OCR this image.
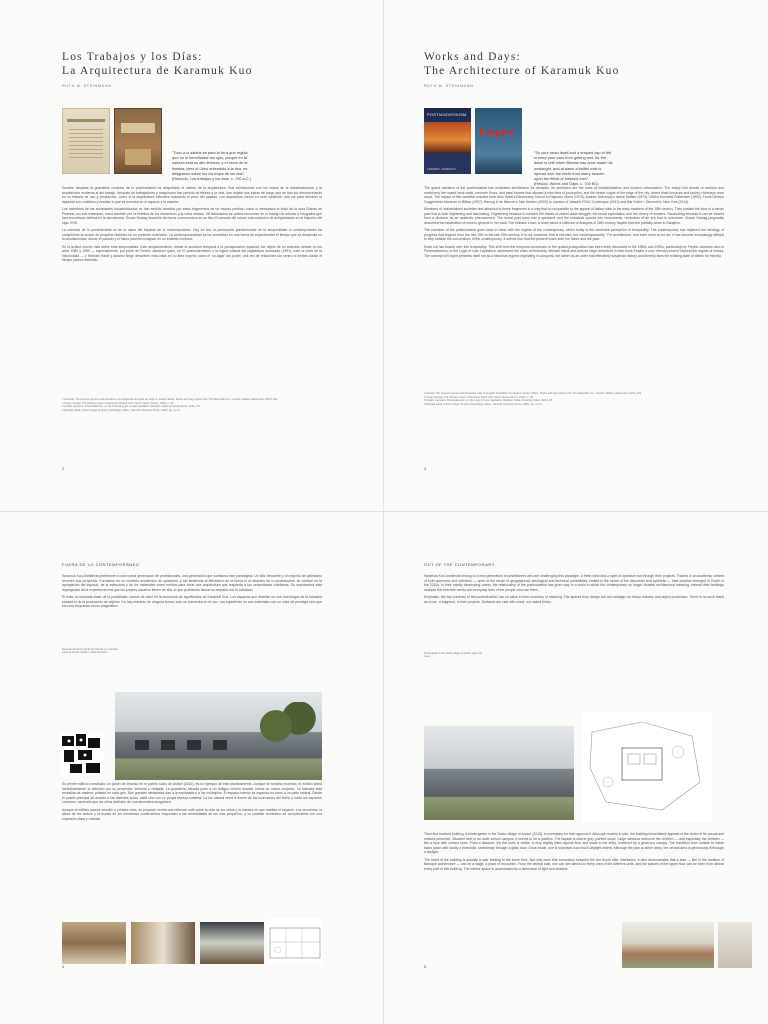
Los Trabajos y los Días:
La Arquitectura de Karamuk Kuo
RUTH M. STEINMANN
"Todo a lo sabios es para la fin a que regida que no le beneficiase los ojos, porque en la cabeza está su alto firmeza, y el necio de la tiniebla; pero el Libro entendido a la risa, es desgranos sobre los los trajos de los dos".
(Hesíodo, Los trabajos y los días, c. 700 a.C.)

Durante décadas la gramática concreta de lo postindustrial ha despertado el interés de la arquitectura. Sus exhibiciones con los restos de la industrialización y la arquitectura moderna al del trabajo, después de trabajadores y maquinaria han perdido la belleza y la vida, han dejado sus trazas de fuego que se han ido desmoronando en su historia de uso y producción, como si la arquitectura estuviera buscando el peso del pasado. Los arquitectos vieron en esta condición una vía para devolver la dignidad a lo cotidiano y resaltar lo que es esencial en el espacio y la materia.

Los miembros de las sociedades industrializadas se han sentido atraídos por estos fragmentos de un mundo perdido, como lo demuestra el éxito de la obra Ruinas de Piranesi con sus estampas, como también por la estética de los escombros y la ruina urbana. Tal fascinación se podría reconocer en el trabajo de artistas y fotógrafos que han encontrado belleza en la decadencia. Susan Sontag describió de forma conmovedora en su libro El amante del volcán una colección de antigüedades en el Nápoles del siglo XVIII.

La carencia de lo postindustrial va de la mano del impacto de lo contemporáneo. Hoy en día, la percepción predominante de la temporalidad lo contemporáneo ha comprimido la noción de progreso histórico en un presente extendido. La contemporaneidad se ha convertido en una forma de experimentar el tiempo que se desarrolla en la simultaneidad, donde el pasado y el futuro parecen colapsar en un instante continuo.

En la actitud mucho más sobre esta temporalidad. Este desplazamiento, desde la sucesión temporal a la yuxtaposición espacial, fue objeto de un animado debate en los años 1980 y 1990 — especialmente, por parte de Fredric Jameson quien, en El posmodernismo o la lógica cultural del capitalismo avanzado (1991), trató la crisis de la historicidad — y Michael Hardt y Antonio Negri describen esta crisis en su libro Imperio como el 'no-lugar' del poder, una red de relaciones sin centro ni límites donde el tiempo parece detenido.

1 Hesíodo, The Homeric Hymns and Homerica, con traducción al inglés de Hugh G. Evelyn-White, Works and Days (New York: The Macmillan Co.; London: William Heinemann 1914), 201.
2 Susan Sontag, The Volcano Lover, A Romance (Nueva York: Farrar Straus Giroux, 1992), p. 69.
3 Fredric Jameson, Postmodernism, or, the Cultural Logic of Late Capitalism (Durham: Duke University Press, 1991), 26.
4 Michael Hardt, Antonio Negri, Empire (Cambridge, Mass.: Harvard University Press, 2000), pp. xiv-xv.
2
Works and Days:
The Architecture of Karamuk Kuo
RUTH M. STEINMANN
POSTMODERNISM
FREDRIC JAMESON
Empire
"So your head dwell and a shaped cap of felt to keep your ears from getting wet, for the dawn is chill when Boreas has once made his onslaught, and at dawn a fruitful mist is spread over the earth from starry heaven upon the fields of blessed men".
(Hesiod, Works and Days, c. 700 BC)

The grand narrative of the postindustrial has motivated architecture for decades. Its ambitions are the ruins of industrialization and modern urbanization. The empty hull devoid of workers and machinery, the naked brick walls, concrete floors, and steel beams that allowed a new idea of production, and the innate vogue of the edge of the city, where blast furnaces and factory chimneys once stood. The impact of this narrative reaches from Aldo Rossi's Elementary School in Fagnano Olona (1976), Andrea Tarkovsky's movie Stalker (1979), OMA's Kunsthal Rotterdam (1992), Frank Gehry's Guggenheim Museum in Bilbao (1997), Herzog & de Meuron's Tate Modern (2000) to Lacaton & Vassal's FRAC Dunkerque (2013) and Bar Sollin + Zimmerli in New York (2014).

Members of industrialized societies feel attracted to these fragments in a way that is comparable to the appeal of Italian ruins in the early travelers of the 18th century. They sustain the idea of a heroic past that is both frightening and fascinating. Frightening because it contains the traces of violent class struggle, the brutal exploitation and the misery of workers. Fascinating because it can be viewed from a distance as an aesthetic phenomenon. The brutal past turns into a spectacle and the industrial spaces into monuments, reminders of an era that is overcome. Susan Sontag poignantly described the fascination of ruins in general in her book The Volcano Lover, a novel about a collector of Antiques in 18th century Naples that she partially wrote in Sarajevo.

The narrative of the postindustrial goes hand in hand with the regime of the contemporary, which today is the dominant perception of temporality. The contemporary has replaced the ideology of progress that reigned from the mid 19th to the late 20th century. It is not 'nowness' that is relevant, but 'contemporaneity'. For architecture, and even more so for art, it has become increasingly difficult to step outside the conventions of the contemporary. It seems true that the present fuses both the future and the past.

Much ink has flowed over this temporality. This shift from the temporal succession to the spatial juxtaposition has been lively discussed in the 1980s and 1990s, particularly by Fredric Jameson who in Postmodernism, or the Logic of Late Capitalism, addressed the crisis of historicity. Michael Hardt and Antonio Negri described in their book Empire a new 'eternal present' beyond the regime of history. The concept of Empire presents itself not as a historical regime originating in conquest, but rather as an order that effectively suspends history and thereby fixes the existing state of affairs for eternity.

1 Hesiod, The Homeric Hymns and Homerica, with an English Translation by Hugh G. Evelyn-White, Works and Days (New York: The Macmillan Co.; London: William Heinemann 1914), 201.
2 Susan Sontag, The Volcano Lover, A Romance (New York: Farrar Straus Giroux, 1992), p. 69.
3 Fredric Jameson, Postmodernism, or, the Logic of Late Capitalism (Durham: Duke University Press, 1991), 26.
4 Michael Hardt, Antonio Negri, Empire (Cambridge, Mass.: Harvard University Press, 2000), pp. xiv-xv.
3
FUERA DE LO CONTEMPORÁNEO

Karamuk Kuo Architects pertenecen a una nueva generación de profesionales, una generación que cuestiona este paradigma. Un sitio frecuente y un espíritu de optimismo recorren sus proyectos. Formados en un contexto académico de opiniones, y sin tendencia al fetichismo de la forma ni al atractivo de lo posindustrial, se centran en la apropiación del espacio, de la estructura y de los materiales como medios para crear una arquitectura que responda a las necesidades cotidianas. Su arquitectura está impregnada de la experiencia real que los propios usuarios tienen de ella, lo que podríamos llamar su empatía con lo cotidiano.

El éxito, la marcada clase de la posibilidad, carece de valor en la economía de significados de Karamuk Kuo. Los espacios que diseñan no son monólogos de la industria pesada ni de la producción de objetos. No hay esfuerzo de ninguna forma; todo se concentra en el uso. Las superficies no son materiales con un valor de prestigio sino que son una respuesta al uso pragmático.

Escuela infantil con jardín de infancia en el pueblo suizo de Andorf, planta y vistas interiores.

Su primer edificio construido, un jardín de infancia en el pueblo suizo de Andorf (2015), es un ejemplo de este planteamiento. Aunque de tamaño modesto, el edificio llama inmediatamente la atención por su presencia, informal y relajada. La guardería, situada junto a un antiguo recinto escolar, forma un nuevo conjunto. La fachada está revestida de madera, pintada en color gris. Sus grandes ventanales dan a la explanada y a los columpios. El espacio interior se organiza en torno a un patio central. Desde el pasillo principal se accede a las distintas aulas, cada una con su propia terraza cubierta. La luz natural entra a través de los lucernarios del techo y baña los espacios comunes, haciendo que los niños disfruten de una atmósfera acogedora.

Aunque el edificio parece sencillo a primera vista, su proyecto revela una reflexión sutil sobre la vida de los niños y la manera en que habitan el espacio. Los recorridos, la altura de los techos y la escala de los elementos constructivos responden a las necesidades de los más pequeños, y su carácter doméstico se complementa con una expresión clara y robusta.

4
OUT OF THE CONTEMPORARY

Karamuk Kuo Architects belong to a new generation of practitioners who are challenging this paradigm. A fresh wind and a spirit of optimism run through their projects. Trained in an academic context of both openness and reflection — open to the sense of geographical, ideological and technical possibilities, limited to the sense of the discursive and synthetic — their practice emerged in Zurich in the 2010s. In their rapidly developing career, the relationship of the postindustrial has given way to a world in which the contemporary no longer dictates architectural meaning; instead their buildings address the concrete needs and everyday lives of the people who use them.

Emphasis, the key currency of the postindustrial, has no value in their economy of meaning. The spaces they design are not nostalgic for heavy industry and object production. There is no such result as a ruin, a fragment, in their projects. Surfaces are clad with wood, not naked bricks.

Kindergarten in the Swiss village of Andorf, plan and views.

Their first realized building, a kindergarten in the Swiss village of Andorf (2015), is exemplary for their approach. Although modest in size, the building immediately appeals to the visitor in its casual and relaxed presence. Situated next to an older school campus, it seems to be a pavilion. The façade is clad in gray painted wood. Large windows welcome the children — and especially the children — like a face with curious eyes. From a distance, the flat roofs is visible. A very slightly tilted asphalt floor and leads to the entry, sheltered by a generous canopy. The transition from outside to inside takes place with hardly a threshold, seamlessly through a glass door. Once inside, one is surprised how much daylight enters. Although the plan is rather deep, the central area is generously lit through a skylight.

The heart of the building is actually a stair leading to the lower floor. Not only does this connection between the two floors offer orientation, it also demonstrates that a stair — like in the tradition of Baroque architecture — can be a stage, a place of encounter. From the central stair, one can see almost to every area of the different units, and the spaces of the upper floor can be seen from almost every part of this building. The interior space is accentuated by a dimension of light and shadow.

5
